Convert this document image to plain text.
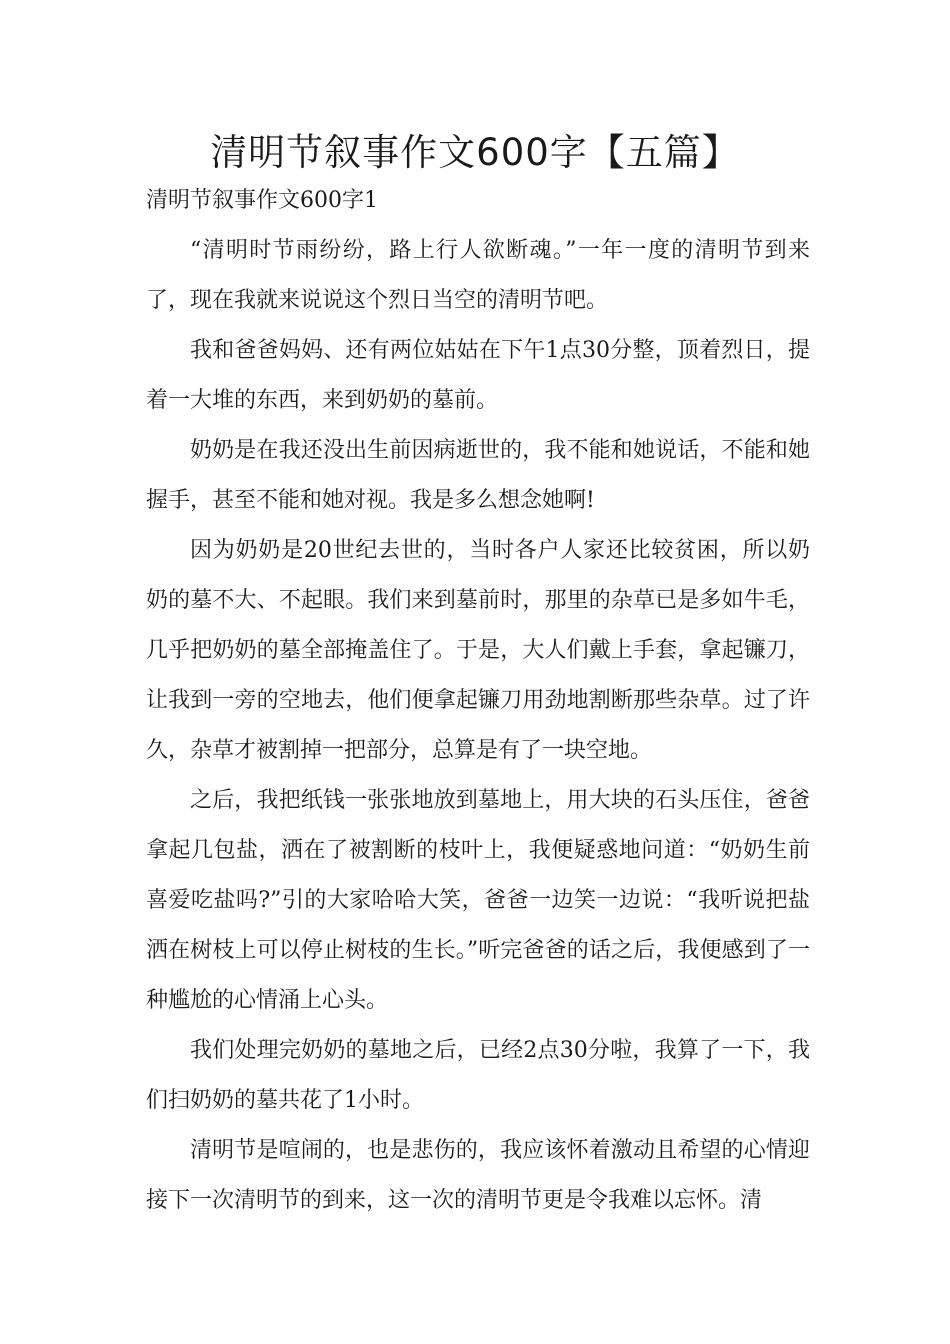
清明节叙事作文600字【五篇】

清明节叙事作文600字1

“清明时节雨纷纷，路上行人欲断魂。”一年一度的清明节到来了，现在我就来说说这个烈日当空的清明节吧。

我和爸爸妈妈、还有两位姑姑在下午1点30分整，顶着烈日，提着一大堆的东西，来到奶奶的墓前。

奶奶是在我还没出生前因病逝世的，我不能和她说话，不能和她握手，甚至不能和她对视。我是多么想念她啊!

因为奶奶是20世纪去世的，当时各户人家还比较贫困，所以奶奶的墓不大、不起眼。我们来到墓前时，那里的杂草已是多如牛毛，几乎把奶奶的墓全部掩盖住了。于是，大人们戴上手套，拿起镰刀，让我到一旁的空地去，他们便拿起镰刀用劲地割断那些杂草。过了许久，杂草才被割掉一把部分，总算是有了一块空地。

之后，我把纸钱一张张地放到墓地上，用大块的石头压住，爸爸拿起几包盐，洒在了被割断的枝叶上，我便疑惑地问道：“奶奶生前喜爱吃盐吗?”引的大家哈哈大笑，爸爸一边笑一边说：“我听说把盐洒在树枝上可以停止树枝的生长。”听完爸爸的话之后，我便感到了一种尴尬的心情涌上心头。

我们处理完奶奶的墓地之后，已经2点30分啦，我算了一下，我们扫奶奶的墓共花了1小时。

清明节是喧闹的，也是悲伤的，我应该怀着激动且希望的心情迎接下一次清明节的到来，这一次的清明节更是令我难以忘怀。清
